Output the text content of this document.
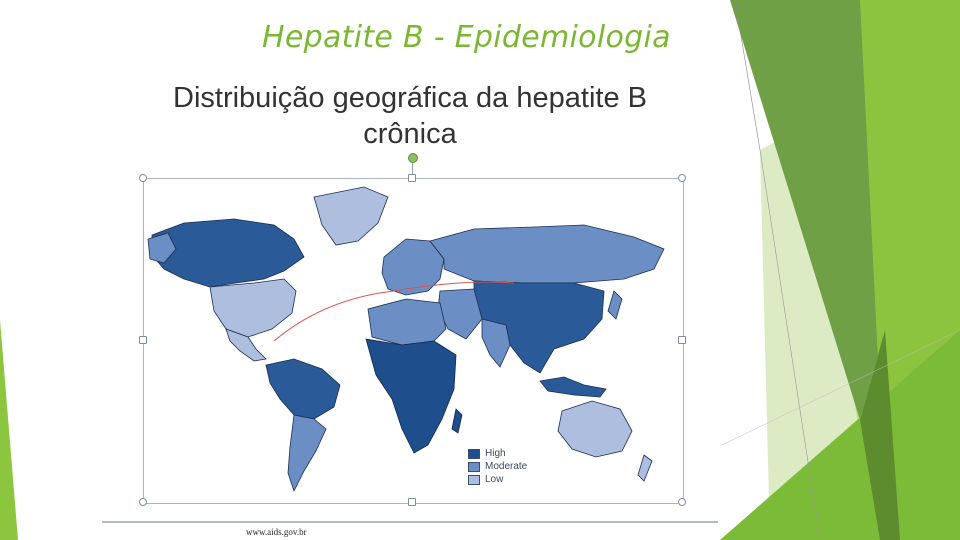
Hepatite B - Epidemiologia
Distribuição geográfica da hepatite B
crônica
High
Moderate
Low
www.aids.gov.br
